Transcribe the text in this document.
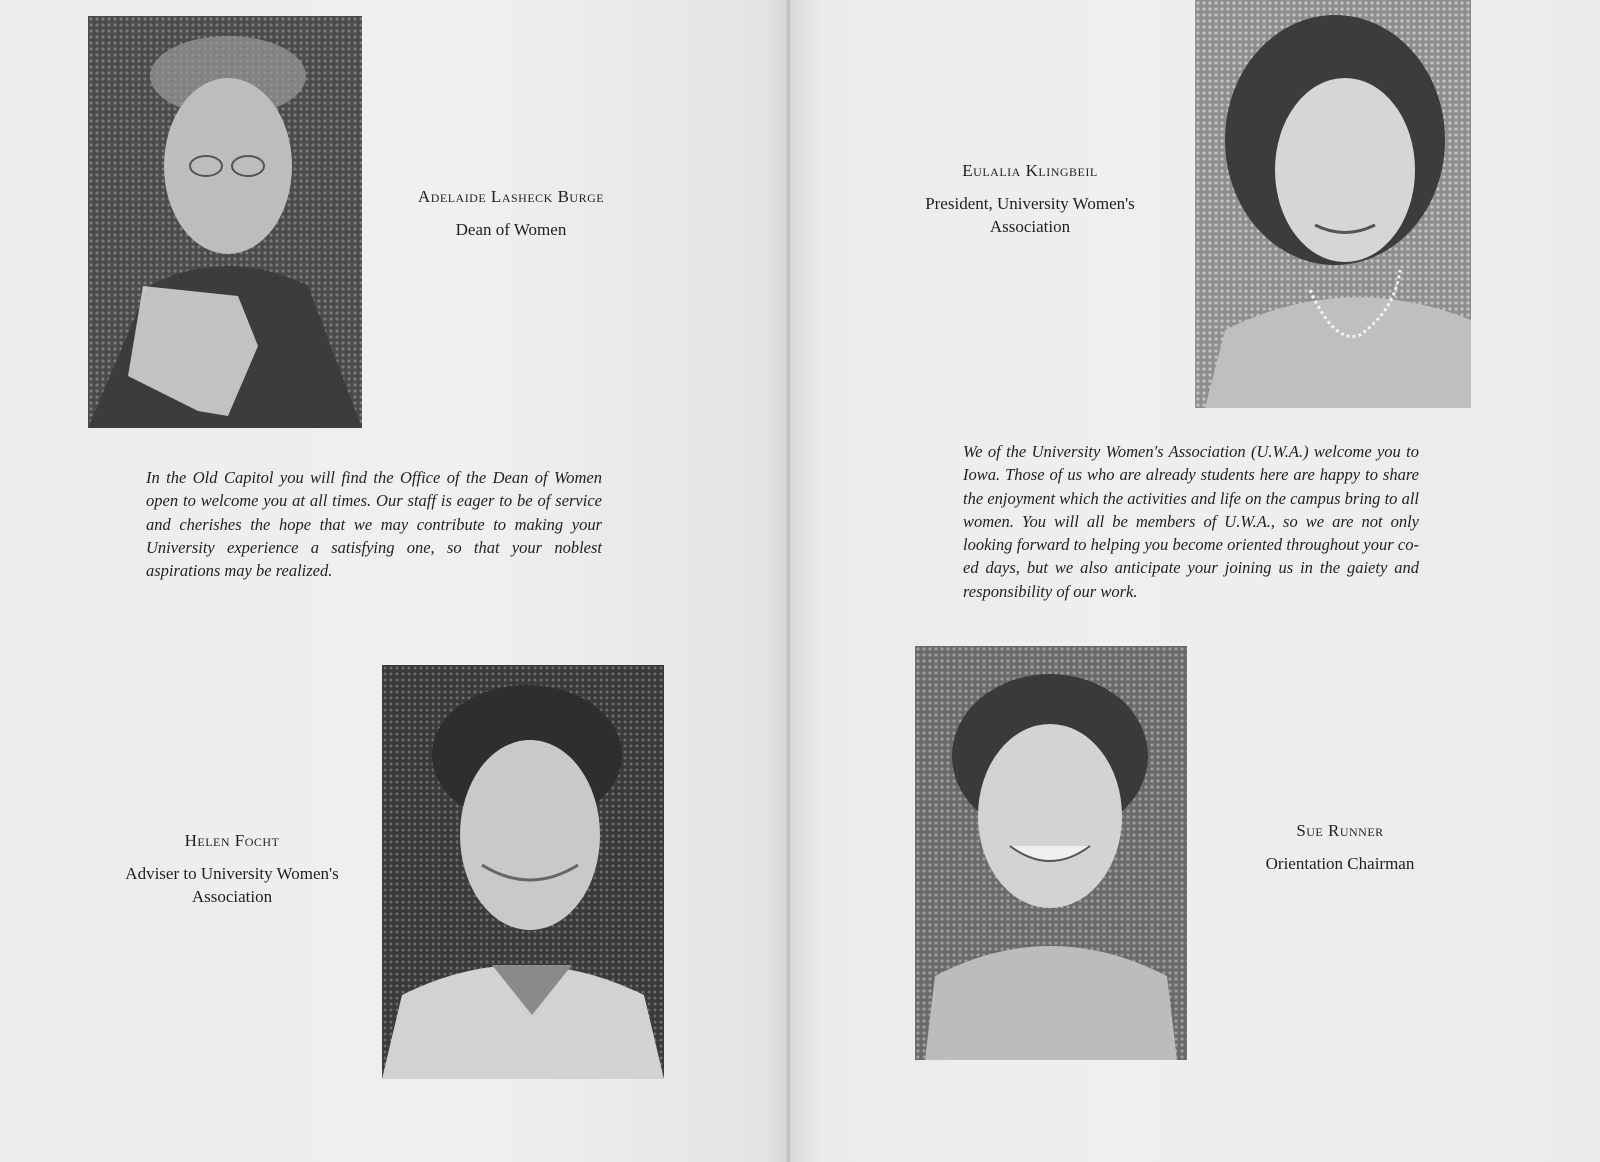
Adelaide Lasheck Burge
Dean of Women

In the Old Capitol you will find the Office of the Dean of Women open to welcome you at all times. Our staff is eager to be of service and cherishes the hope that we may contribute to making your University experience a satisfying one, so that your noblest aspirations may be realized.

Helen Focht
Adviser to University Women's
Association
Eulalia Klingbeil
President, University Women's
Association

We of the University Women's Association (U.W.A.) welcome you to Iowa. Those of us who are already students here are happy to share the enjoyment which the activities and life on the campus bring to all women. You will all be members of U.W.A., so we are not only looking forward to helping you become oriented throughout your co-ed days, but we also anticipate your joining us in the gaiety and responsibility of our work.

Sue Runner
Orientation Chairman
